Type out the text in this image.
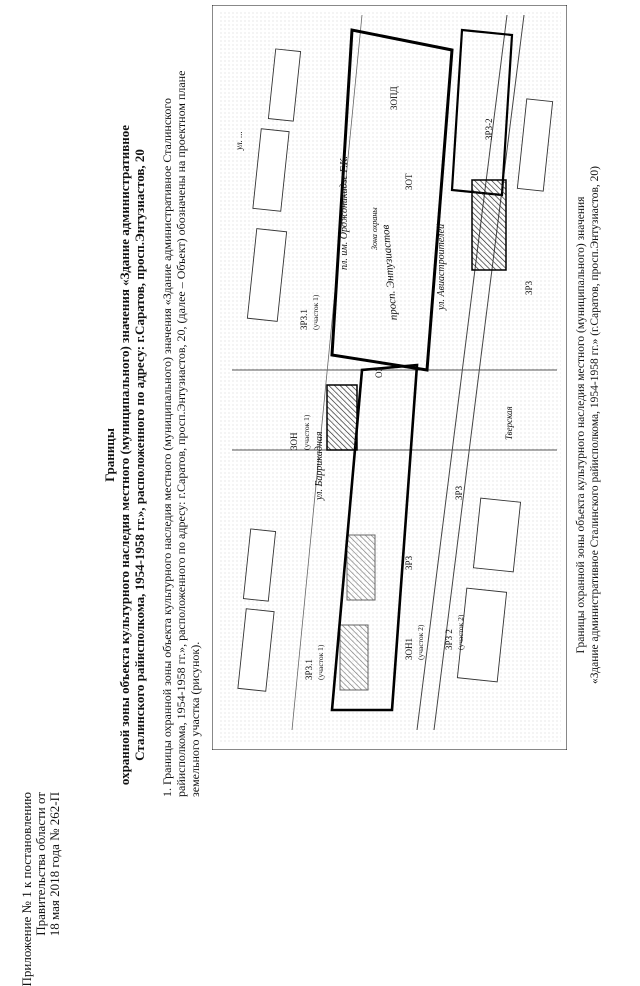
Приложение № 1 к постановлению Правительства области от 18 мая 2018 года № 262-П
Границы охранной зоны объекта культурного наследия местного (муниципального) значения «Здание административное Сталинского райисполкома, 1954-1958 гг.», расположенного по адресу: г.Саратов, просп.Энтузиастов, 20 1. Границы охранной зоны объекта культурного наследия местного (муниципального) значения «Здание административное Сталинского райисполкома, 1954-1958 гг.», расположенного по адресу: г.Саратов, просп.Энтузиастов, 20, (далее – Объект) обозначены на проектном плане земельного участка (рисунок).
просп. Энтузиастов
пл. им. Орджоникидзе Г.К.	ул. Авиастроителей
ул. Баррикадная
ул. ...
Тверская
ЗОН
ЗОТ
ЗОПД
ЗОН1
ЗРЗ
ЗРЗ
ЗРЗ-2
ЗРЗ.1
ЗРЗ.1
ЗРЗ 2
ОЗ
ЗРЗ
(участок 1)
(участок 2)
(участок 1)
(участок 2)
(участок 1)
Зона охраны	Границы охранной зоны объекта культурного наследия местного (муниципального) значения «Здание административное Сталинского райисполкома, 1954-1958 гг.» (г.Саратов, просп.Энтузиастов, 20)
